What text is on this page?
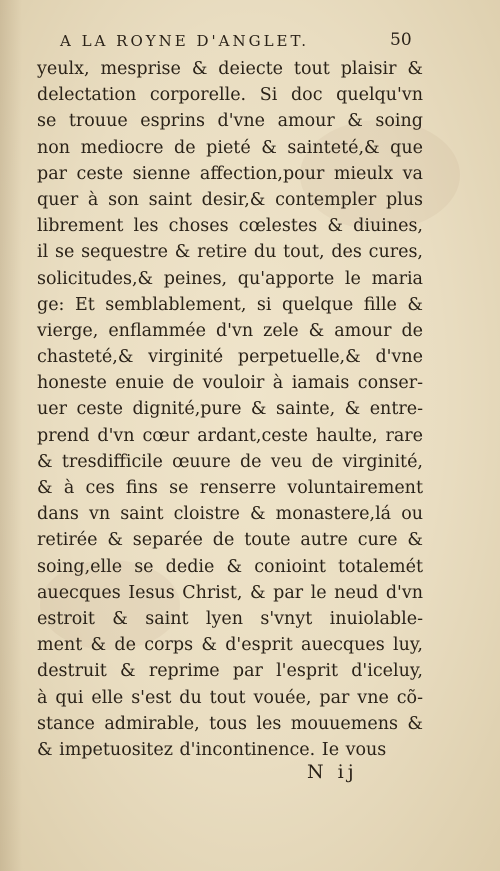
A LA ROYNE D'ANGLET.	50
yeulx, mesprise & deiecte tout plaisir &
delectation corporelle. Si doc quelqu'vn
se trouue esprins d'vne amour & soing
non mediocre de pieté & sainteté,& que
par ceste sienne affection,pour mieulx va
quer à son saint desir,& contempler plus
librement les choses cœlestes & diuines,
il se sequestre & retire du tout, des cures,
solicitudes,& peines, qu'apporte le maria
ge: Et semblablement, si quelque fille &
vierge, enflammée d'vn zele & amour de
chasteté,& virginité perpetuelle,& d'vne
honeste enuie de vouloir à iamais conser-
uer ceste dignité,pure & sainte, & entre-
prend d'vn cœur ardant,ceste haulte, rare
& tresdifficile œuure de veu de virginité,
& à ces fins se renserre voluntairement
dans vn saint cloistre & monastere,lá ou
retirée & separée de toute autre cure &
soing,elle se dedie & conioint totalemét
auecques Iesus Christ, & par le neud d'vn
estroit & saint lyen s'vnyt inuiolable-
ment & de corps & d'esprit auecques luy,
destruit & reprime par l'esprit d'iceluy,
à qui elle s'est du tout vouée, par vne cõ-
stance admirable, tous les mouuemens &
& impetuositez d'incontinence. Ie vous
N ij
